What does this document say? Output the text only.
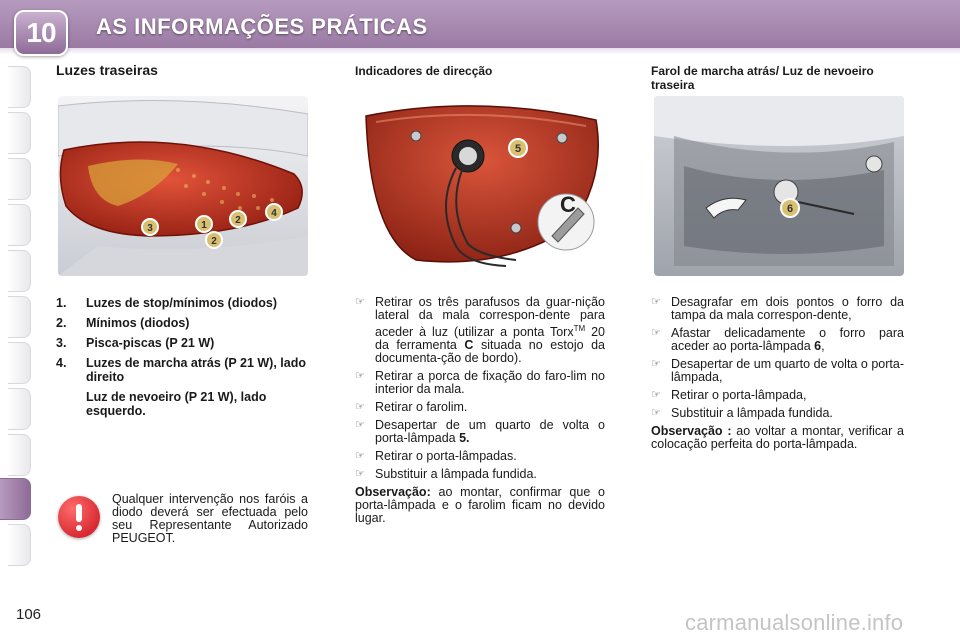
10	AS INFORMAÇÕES PRÁTICAS
Luzes traseiras
3	1	2
4
2
1.	Luzes de stop/mínimos (diodos)
2.	Mínimos (diodos)
3.	Pisca-piscas (P 21 W)
4.	Luzes de marcha atrás (P 21 W), lado direito
Luz de nevoeiro (P 21 W), lado esquerdo.
Qualquer intervenção nos faróis a diodo deverá ser efectuada pelo seu Representante Autorizado PEUGEOT.
Indicadores de direcção
5
C
☞ Retirar os três parafusos da guar-nição lateral da mala correspon-dente para aceder à luz (utilizar a ponta Torx™ 20 da ferramenta C situada no estojo da documenta-ção de bordo).
☞ Retirar a porca de fixação do faro-lim no interior da mala.
☞ Retirar o farolim.
☞ Desapertar de um quarto de volta o porta-lâmpada 5.
☞ Retirar o porta-lâmpadas.
☞ Substituir a lâmpada fundida.
Observação: ao montar, confirmar que o porta-lâmpada e o farolim ficam no devido lugar.
Farol de marcha atrás/ Luz de nevoeiro traseira
6
☞ Desagrafar em dois pontos o forro da tampa da mala correspon-dente,
☞ Afastar delicadamente o forro para aceder ao porta-lâmpada 6,
☞ Desapertar de um quarto de volta o porta-lâmpada,
☞ Retirar o porta-lâmpada,
☞ Substituir a lâmpada fundida.
Observação : ao voltar a montar, verificar a colocação perfeita do porta-lâmpada.
106	carmanualsonline.info
